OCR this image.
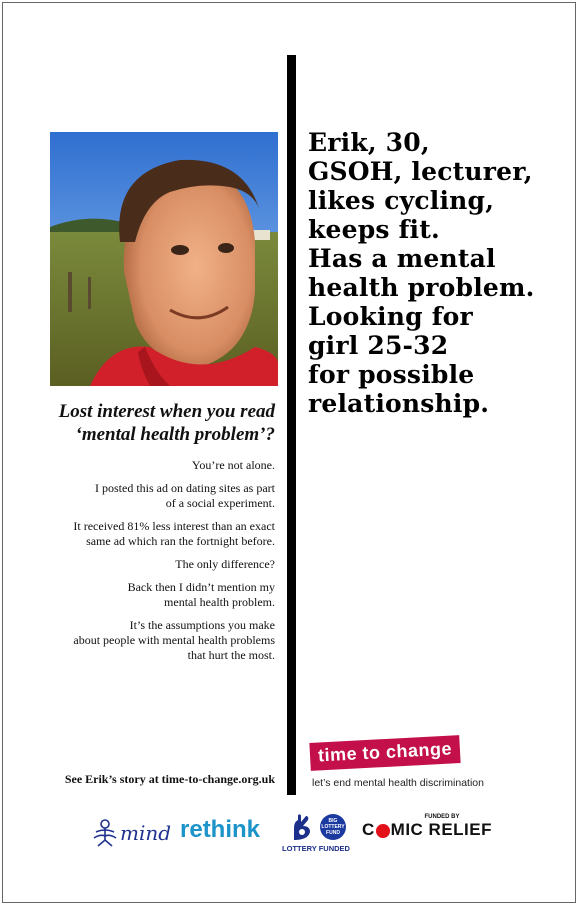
Erik, 30,
GSOH, lecturer,
likes cycling,
keeps fit.
Has a mental
health problem.
Looking for
girl 25-32
for possible
relationship.
Lost interest when you read
‘mental health problem’?

You’re not alone.

I posted this ad on dating sites as part
of a social experiment.

It received 81% less interest than an exact
same ad which ran the fortnight before.

The only difference?

Back then I didn’t mention my
mental health problem.

It’s the assumptions you make
about people with mental health problems
that hurt the most.

See Erik’s story at time-to-change.org.uk
time to change
let’s end mental health discrimination
mind rethink	BIG LOTTERY FUND
LOTTERY FUNDED
FUNDED BY
C MIC RELIEF
